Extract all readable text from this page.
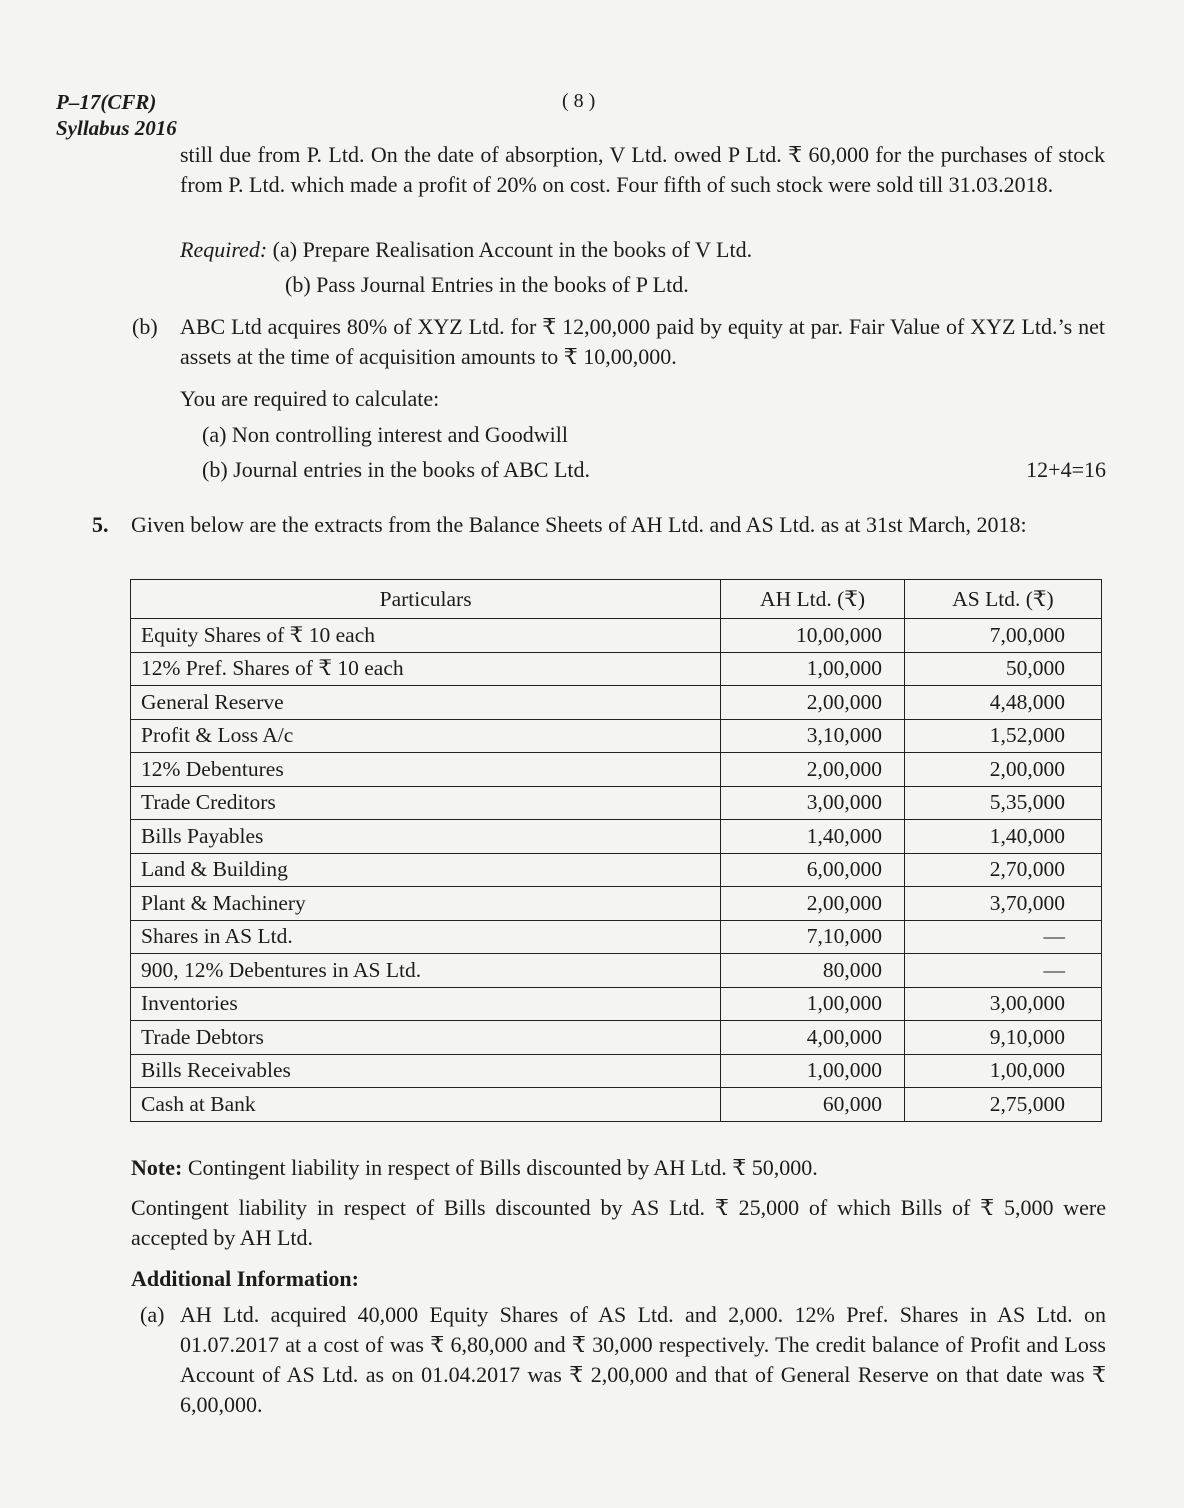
P–17(CFR)
Syllabus 2016
( 8 )

still due from P. Ltd. On the date of absorption, V Ltd. owed P Ltd. ₹ 60,000 for the purchases of stock from P. Ltd. which made a profit of 20% on cost. Four fifth of such stock were sold till 31.03.2018.

Required: (a) Prepare Realisation Account in the books of V Ltd.
(b) Pass Journal Entries in the books of P Ltd.
(b) ABC Ltd acquires 80% of XYZ Ltd. for ₹ 12,00,000 paid by equity at par. Fair Value of XYZ Ltd.’s net assets at the time of acquisition amounts to ₹ 10,00,000.

You are required to calculate:
(a) Non controlling interest and Goodwill
(b) Journal entries in the books of ABC Ltd.	12+4=16
5. Given below are the extracts from the Balance Sheets of AH Ltd. and AS Ltd. as at 31st March, 2018:

Particulars	AH Ltd. (₹)	AS Ltd. (₹)
Equity Shares of ₹ 10 each	10,00,000	7,00,000
12% Pref. Shares of ₹ 10 each	1,00,000	50,000
General Reserve	2,00,000	4,48,000
Profit & Loss A/c	3,10,000	1,52,000
12% Debentures	2,00,000	2,00,000
Trade Creditors	3,00,000	5,35,000
Bills Payables	1,40,000	1,40,000
Land & Building	6,00,000	2,70,000
Plant & Machinery	2,00,000	3,70,000
Shares in AS Ltd.	7,10,000	—
900, 12% Debentures in AS Ltd.	80,000	—
Inventories	1,00,000	3,00,000
Trade Debtors	4,00,000	9,10,000
Bills Receivables	1,00,000	1,00,000
Cash at Bank	60,000	2,75,000
Note: Contingent liability in respect of Bills discounted by AH Ltd. ₹ 50,000.

Contingent liability in respect of Bills discounted by AS Ltd. ₹ 25,000 of which Bills of ₹ 5,000 were accepted by AH Ltd.

Additional Information:
(a) AH Ltd. acquired 40,000 Equity Shares of AS Ltd. and 2,000. 12% Pref. Shares in AS Ltd. on 01.07.2017 at a cost of was ₹ 6,80,000 and ₹ 30,000 respectively. The credit balance of Profit and Loss Account of AS Ltd. as on 01.04.2017 was ₹ 2,00,000 and that of General Reserve on that date was ₹ 6,00,000.
